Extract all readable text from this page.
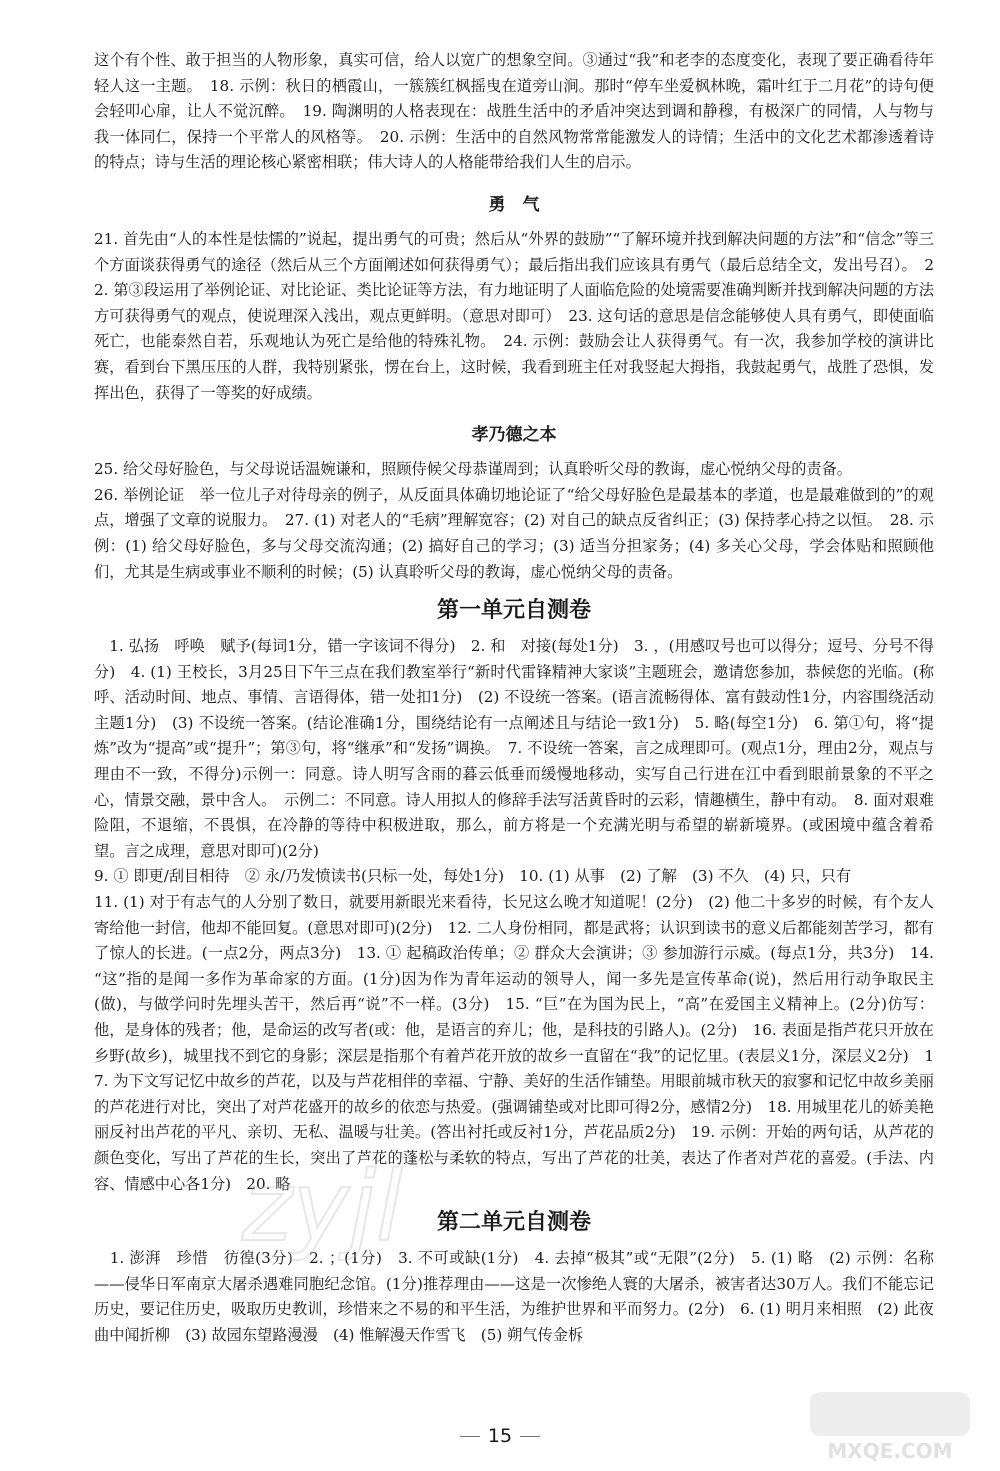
这个有个性、敢于担当的人物形象，真实可信，给人以宽广的想象空间。③通过“我”和老李的态度变化，表现了要正确看待年轻人这一主题。　18. 示例：秋日的栖霞山，一簇簇红枫摇曳在道旁山涧。那时“停车坐爱枫林晚，霜叶红于二月花”的诗句便会轻叩心扉，让人不觉沉醉。　19. 陶渊明的人格表现在：战胜生活中的矛盾冲突达到调和静穆，有极深广的同情，人与物与我一体同仁，保持一个平常人的风格等。　20. 示例：生活中的自然风物常常能激发人的诗情；生活中的文化艺术都渗透着诗的特点；诗与生活的理论核心紧密相联；伟大诗人的人格能带给我们人生的启示。

勇　气

21. 首先由“人的本性是怯懦的”说起，提出勇气的可贵；然后从“外界的鼓励”“了解环境并找到解决问题的方法”和“信念”等三个方面谈获得勇气的途径（然后从三个方面阐述如何获得勇气）；最后指出我们应该具有勇气（最后总结全文，发出号召）。　22. 第③段运用了举例论证、对比论证、类比论证等方法，有力地证明了人面临危险的处境需要准确判断并找到解决问题的方法方可获得勇气的观点，使说理深入浅出，观点更鲜明。（意思对即可）　23. 这句话的意思是信念能够使人具有勇气，即使面临死亡，也能泰然自若，乐观地认为死亡是给他的特殊礼物。　24. 示例：鼓励会让人获得勇气。有一次，我参加学校的演讲比赛，看到台下黑压压的人群，我特别紧张，愣在台上，这时候，我看到班主任对我竖起大拇指，我鼓起勇气，战胜了恐惧，发挥出色，获得了一等奖的好成绩。

孝乃德之本

25. 给父母好脸色，与父母说话温婉谦和，照顾侍候父母恭谨周到；认真聆听父母的教诲，虚心悦纳父母的责备。

26. 举例论证　举一位儿子对待母亲的例子，从反面具体确切地论证了“给父母好脸色是最基本的孝道，也是最难做到的”的观点，增强了文章的说服力。　27. (1) 对老人的“毛病”理解宽容；(2) 对自己的缺点反省纠正；(3) 保持孝心持之以恒。　28. 示例：(1) 给父母好脸色，多与父母交流沟通；(2) 搞好自己的学习；(3) 适当分担家务；(4) 多关心父母，学会体贴和照顾他们，尤其是生病或事业不顺利的时候；(5) 认真聆听父母的教诲，虚心悦纳父母的责备。

第一单元自测卷

　1. 弘扬　呼唤　赋予(每词1分，错一字该词不得分)　2. 和　对接(每处1分)　3. ，(用感叹号也可以得分；逗号、分号不得分)　4. (1) 王校长，3月25日下午三点在我们教室举行“新时代雷锋精神大家谈”主题班会，邀请您参加，恭候您的光临。(称呼、活动时间、地点、事情、言语得体，错一处扣1分)　(2) 不设统一答案。(语言流畅得体、富有鼓动性1分，内容围绕活动主题1分)　(3) 不设统一答案。(结论准确1分，围绕结论有一点阐述且与结论一致1分)　5. 略(每空1分)　6. 第①句，将“提炼”改为“提高”或“提升”；第③句，将“继承”和“发扬”调换。　7. 不设统一答案，言之成理即可。(观点1分，理由2分，观点与理由不一致，不得分)示例一：同意。诗人明写含雨的暮云低垂而缓慢地移动，实写自己行进在江中看到眼前景象的不平之心，情景交融，景中含人。　示例二：不同意。诗人用拟人的修辞手法写活黄昏时的云彩，情趣横生，静中有动。　8. 面对艰难险阻，不退缩，不畏惧，在冷静的等待中积极进取，那么，前方将是一个充满光明与希望的崭新境界。(或困境中蕴含着希望。言之成理，意思对即可)(2分)

9. ① 即更/刮目相待　② 永/乃发愤读书(只标一处，每处1分)　10. (1) 从事　(2) 了解　(3) 不久　(4) 只，只有

11. (1) 对于有志气的人分别了数日，就要用新眼光来看待，长兄这么晚才知道呢！(2分)　(2) 他二十多岁的时候，有个友人寄给他一封信，他却不能回复。(意思对即可)(2分)　12. 二人身份相同，都是武将；认识到读书的意义后都能刻苦学习，都有了惊人的长进。(一点2分，两点3分)　13. ① 起稿政治传单；② 群众大会演讲；③ 参加游行示威。(每点1分，共3分)　14. “这”指的是闻一多作为革命家的方面。(1分)因为作为青年运动的领导人，闻一多先是宣传革命(说)，然后用行动争取民主(做)，与做学问时先埋头苦干，然后再“说”不一样。(3分)　15. “巨”在为国为民上，“高”在爱国主义精神上。(2分)仿写：他，是身体的残者；他，是命运的改写者(或：他，是语言的弃儿；他，是科技的引路人)。(2分)　16. 表面是指芦花只开放在乡野(故乡)，城里找不到它的身影；深层是指那个有着芦花开放的故乡一直留在“我”的记忆里。(表层义1分，深层义2分)　17. 为下文写记忆中故乡的芦花，以及与芦花相伴的幸福、宁静、美好的生活作铺垫。用眼前城市秋天的寂寥和记忆中故乡美丽的芦花进行对比，突出了对芦花盛开的故乡的依恋与热爱。(强调铺垫或对比即可得2分，感情2分)　18. 用城里花儿的娇美艳丽反衬出芦花的平凡、亲切、无私、温暖与壮美。(答出衬托或反衬1分，芦花品质2分)　19. 示例：开始的两句话，从芦花的颜色变化，写出了芦花的生长，突出了芦花的蓬松与柔软的特点，写出了芦花的壮美，表达了作者对芦花的喜爱。(手法、内容、情感中心各1分)　20. 略

第二单元自测卷

　1. 澎湃　珍惜　彷徨(3分)　2. ；(1分)　3. 不可或缺(1分)　4. 去掉“极其”或“无限”(2分)　5. (1) 略　(2) 示例：名称——侵华日军南京大屠杀遇难同胞纪念馆。(1分)推荐理由——这是一次惨绝人寰的大屠杀，被害者达30万人。我们不能忘记历史，要记住历史，吸取历史教训，珍惜来之不易的和平生活，为维护世界和平而努力。(2分)　6. (1) 明月来相照　(2) 此夜曲中闻折柳　(3) 故园东望路漫漫　(4) 惟解漫天作雪飞　(5) 朔气传金柝

15
zyjl
MXQE.COM
